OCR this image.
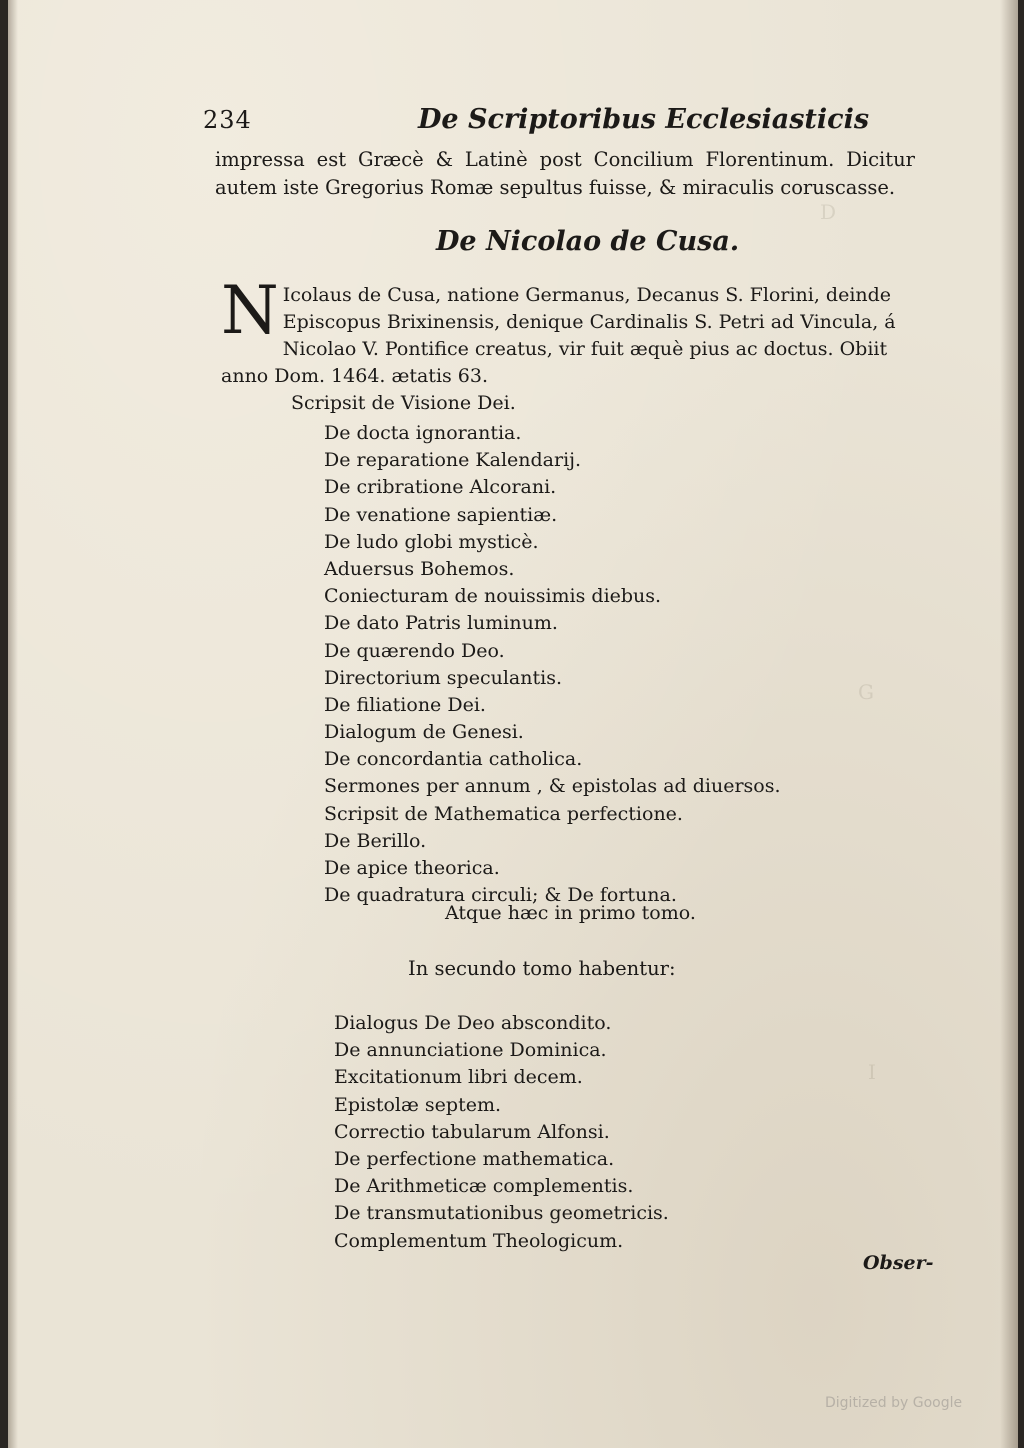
D
I
G
234	De Scriptoribus Ecclesiasticis
impressa est Græcè & Latinè post Concilium Florentinum. Dicitur autem iste Gregorius Romæ sepultus fuisse, & miraculis coruscasse.
De Nicolao de Cusa.
N Icolaus de Cusa, natione Germanus, Decanus S. Florini, deinde Episcopus Brixinensis, denique Cardinalis S. Petri ad Vincula, á Nicolao V. Pontifice creatus, vir fuit æquè pius ac doctus. Obiit anno Dom. 1464. ætatis 63.
Scripsit de Visione Dei.
De docta ignorantia.
De reparatione Kalendarij.
De cribratione Alcorani.
De venatione sapientiæ.
De ludo globi mysticè.
Aduersus Bohemos.
Coniecturam de nouissimis diebus.
De dato Patris luminum.
De quærendo Deo.
Directorium speculantis.
De filiatione Dei.
Dialogum de Genesi.
De concordantia catholica.
Sermones per annum , & epistolas ad diuersos.
Scripsit de Mathematica perfectione.
De Berillo.
De apice theorica.
De quadratura circuli; & De fortuna.
Atque hæc in primo tomo.
In secundo tomo habentur:
Dialogus De Deo abscondito.
De annunciatione Dominica.
Excitationum libri decem.
Epistolæ septem.
Correctio tabularum Alfonsi.
De perfectione mathematica.
De Arithmeticæ complementis.
De transmutationibus geometricis.
Complementum Theologicum.
Obser-
Digitized by Google
